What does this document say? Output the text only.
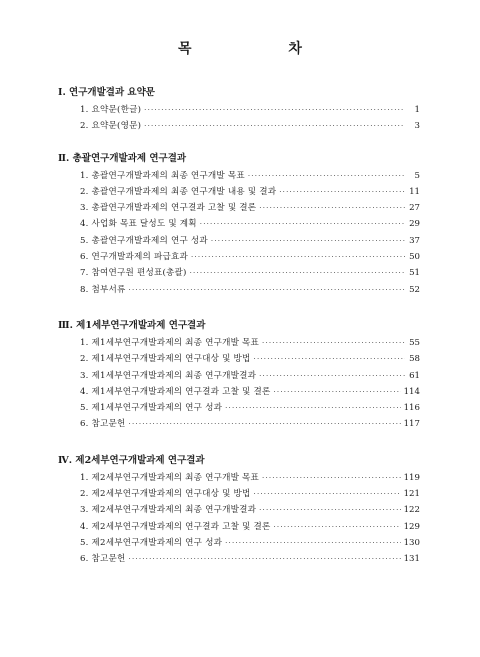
목 차
Ⅰ. 연구개발결과 요약문
1. 요약문(한글) ·····	1
2. 요약문(영문) ·····	3
Ⅱ. 총괄연구개발과제 연구결과
1. 총괄연구개발과제의 최종 연구개발 목표 ·····	5
2. 총괄연구개발과제의 최종 연구개발 내용 및 결과 ·····	11
3. 총괄연구개발과제의 연구결과 고찰 및 결론 ·····	27
4. 사업화 목표 달성도 및 계획 ·····	29
5. 총괄연구개발과제의 연구 성과 ·····	37
6. 연구개발과제의 파급효과 ·····	50
7. 참여연구원 편성표(총괄) ·····	51
8. 첨부서류 ·····	52
Ⅲ. 제1세부연구개발과제 연구결과
1. 제1세부연구개발과제의 최종 연구개발 목표 ·····	55
2. 제1세부연구개발과제의 연구대상 및 방법 ·····	58
3. 제1세부연구개발과제의 최종 연구개발결과 ·····	61
4. 제1세부연구개발과제의 연구결과 고찰 및 결론 ·····	114
5. 제1세부연구개발과제의 연구 성과 ·····	116
6. 참고문헌 ·····	117
Ⅳ. 제2세부연구개발과제 연구결과
1. 제2세부연구개발과제의 최종 연구개발 목표 ·····	119
2. 제2세부연구개발과제의 연구대상 및 방법 ·····	121
3. 제2세부연구개발과제의 최종 연구개발결과 ·····	122
4. 제2세부연구개발과제의 연구결과 고찰 및 결론 ·····	129
5. 제2세부연구개발과제의 연구 성과 ·····	130
6. 참고문헌 ·····	131
